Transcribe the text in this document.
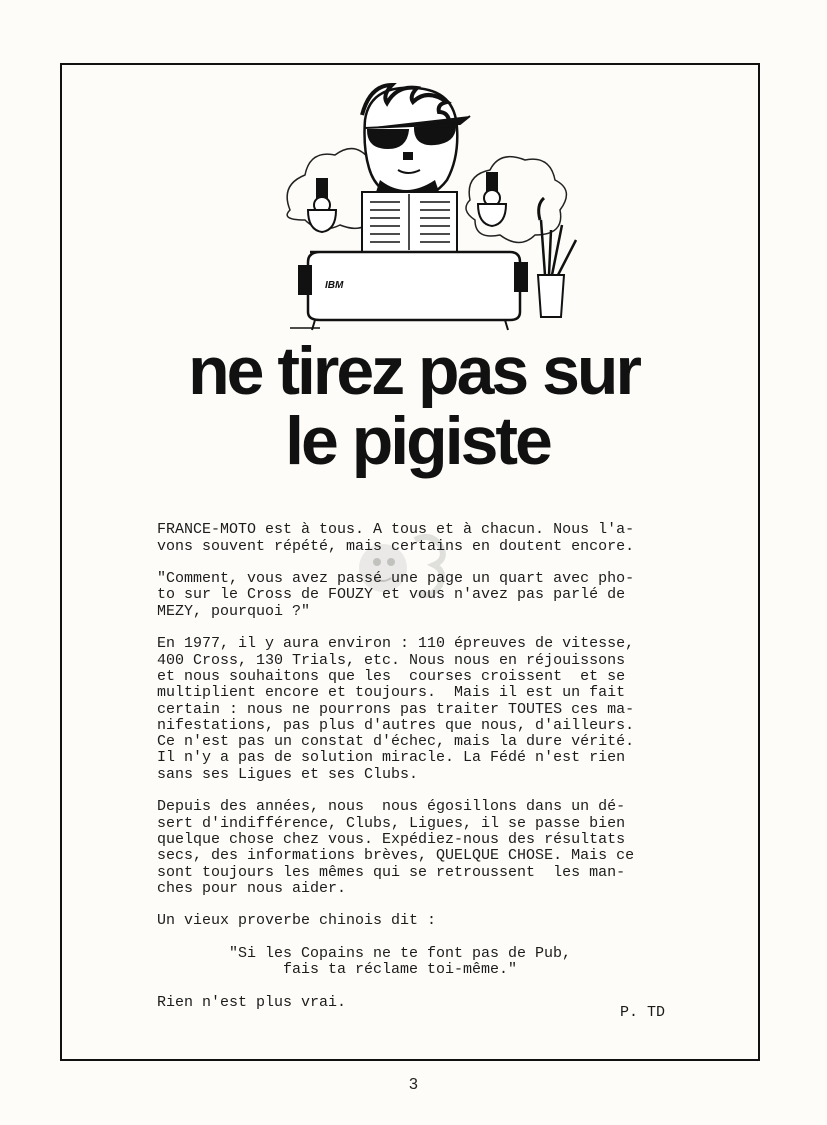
IBM
ne tirez pas sur

le pigiste

FRANCE-MOTO est à tous. A tous et à chacun. Nous l'a-
vons souvent répété, mais certains en doutent encore.
"Comment, vous avez passé une page un quart avec pho-
to sur le Cross de FOUZY et vous n'avez pas parlé de
MEZY, pourquoi ?"
En 1977, il y aura environ : 110 épreuves de vitesse,
400 Cross, 130 Trials, etc. Nous nous en réjouissons
et nous souhaitons que les  courses croissent  et se
multiplient encore et toujours.  Mais il est un fait
certain : nous ne pourrons pas traiter TOUTES ces ma-
nifestations, pas plus d'autres que nous, d'ailleurs.
Ce n'est pas un constat d'échec, mais la dure vérité.
Il n'y a pas de solution miracle. La Fédé n'est rien
sans ses Ligues et ses Clubs.
Depuis des années, nous  nous égosillons dans un dé-
sert d'indifférence, Clubs, Ligues, il se passe bien
quelque chose chez vous. Expédiez-nous des résultats
secs, des informations brèves, QUELQUE CHOSE. Mais ce
sont toujours les mêmes qui se retroussent  les man-
ches pour nous aider.
Un vieux proverbe chinois dit :
"Si les Copains ne te font pas de Pub,
fais ta réclame toi-même."
Rien n'est plus vrai.
P. TD
3
